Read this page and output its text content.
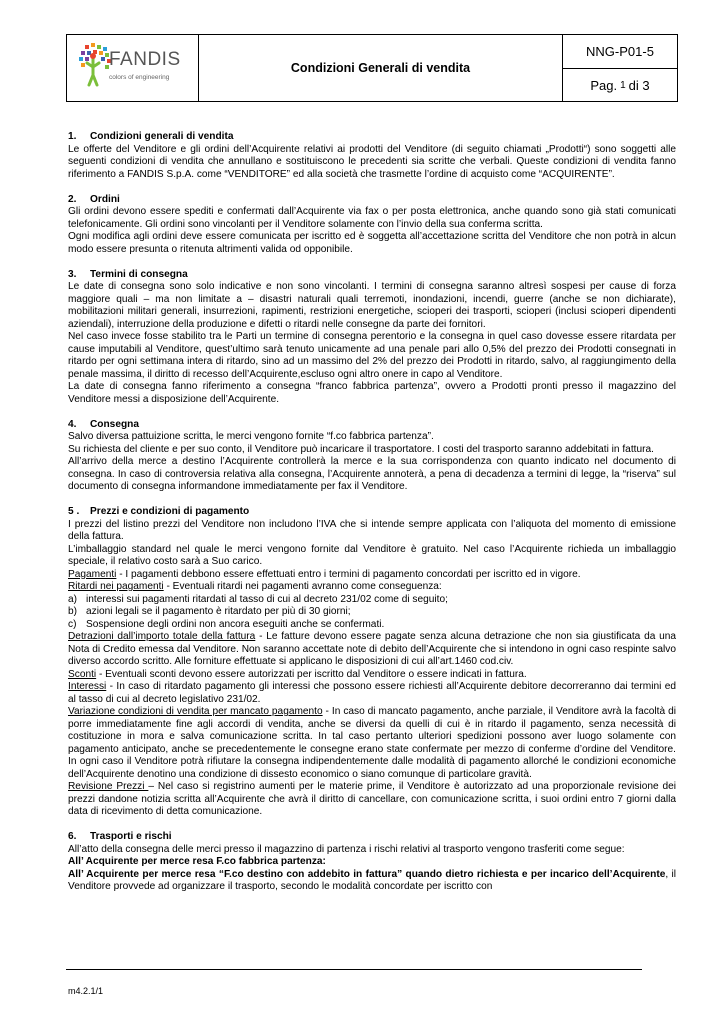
FANDIS
colors of engineering
Condizioni Generali di vendita
NNG-P01-5
Pag. 1 di 3
1. Condizioni generali di vendita

Le offerte del Venditore e gli ordini dell’Acquirente relativi ai prodotti del Venditore (di seguito chiamati „Prodotti“) sono soggetti alle seguenti condizioni di vendita che annullano e sostituiscono le precedenti sia scritte che verbali. Queste condizioni di vendita fanno riferimento a FANDIS S.p.A. come “VENDITORE” ed alla società che trasmette l’ordine di acquisto come “ACQUIRENTE”.

2. Ordini

Gli ordini devono essere spediti e confermati dall’Acquirente via fax o per posta elettronica, anche quando sono già stati comunicati telefonicamente. Gli ordini sono vincolanti per il Venditore solamente con l’invio della sua conferma scritta.

Ogni modifica agli ordini deve essere comunicata per iscritto ed è soggetta all’accettazione scritta del Venditore che non potrà in alcun modo essere presunta o ritenuta altrimenti valida od opponibile.

3. Termini di consegna

Le date di consegna sono solo indicative e non sono vincolanti. I termini di consegna saranno altresì sospesi per cause di forza maggiore quali – ma non limitate a – disastri naturali quali terremoti, inondazioni, incendi, guerre (anche se non dichiarate), mobilitazioni militari generali, insurrezioni, rapimenti, restrizioni energetiche, scioperi dei trasporti, scioperi (inclusi scioperi dipendenti aziendali), interruzione della produzione e difetti o ritardi nelle consegne da parte dei fornitori.

Nel caso invece fosse stabilito tra le Parti un termine di consegna perentorio e la consegna in quel caso dovesse essere ritardata per cause imputabili al Venditore, quest’ultimo sarà tenuto unicamente ad una penale pari allo 0,5% del prezzo dei Prodotti consegnati in ritardo per ogni settimana intera di ritardo, sino ad un massimo del 2% del prezzo dei Prodotti in ritardo, salvo, al raggiungimento della penale massima, il diritto di recesso dell’Acquirente,escluso ogni altro onere in capo al Venditore.

La date di consegna fanno riferimento a consegna “franco fabbrica partenza”, ovvero a Prodotti pronti presso il magazzino del Venditore messi a disposizione dell’Acquirente.

4. Consegna

Salvo diversa pattuizione scritta, le merci vengono fornite “f.co fabbrica partenza”.

Su richiesta del cliente e per suo conto, il Venditore può incaricare il trasportatore. I costi del trasporto saranno addebitati in fattura.

All’arrivo della merce a destino l’Acquirente controllerà la merce e la sua corrispondenza con quanto indicato nel documento di consegna. In caso di controversia relativa alla consegna, l’Acquirente annoterà, a pena di decadenza a termini di legge, la “riserva” sul documento di consegna informandone immediatamente per fax il Venditore.

5 . Prezzi e condizioni di pagamento

I prezzi del listino prezzi del Venditore non includono l’IVA che si intende sempre applicata con l’aliquota del momento di emissione della fattura.

L’imballaggio standard nel quale le merci vengono fornite dal Venditore è gratuito. Nel caso l’Acquirente richieda un imballaggio speciale, il relativo costo sarà a Suo carico.

Pagamenti - I pagamenti debbono essere effettuati entro i termini di pagamento concordati per iscritto ed in vigore.

Ritardi nei pagamenti - Eventuali ritardi nei pagamenti avranno come conseguenza:

a) interessi sui pagamenti ritardati al tasso di cui al decreto 231/02 come di seguito;
b) azioni legali se il pagamento è ritardato per più di 30 giorni;
c) Sospensione degli ordini non ancora eseguiti anche se confermati.

Detrazioni dall’importo totale della fattura - Le fatture devono essere pagate senza alcuna detrazione che non sia giustificata da una Nota di Credito emessa dal Venditore. Non saranno accettate note di debito dell’Acquirente che si intendono in ogni caso respinte salvo diverso accordo scritto. Alle forniture effettuate si applicano le disposizioni di cui all’art.1460 cod.civ.

Sconti - Eventuali sconti devono essere autorizzati per iscritto dal Venditore o essere indicati in fattura.

Interessi - In caso di ritardato pagamento gli interessi che possono essere richiesti all’Acquirente debitore decorreranno dai termini ed al tasso di cui al decreto legislativo 231/02.

Variazione condizioni di vendita per mancato pagamento - In caso di mancato pagamento, anche parziale, il Venditore avrà la facoltà di porre immediatamente fine agli accordi di vendita, anche se diversi da quelli di cui è in ritardo il pagamento, senza necessità di costituzione in mora e salva comunicazione scritta. In tal caso pertanto ulteriori spedizioni possono aver luogo solamente con pagamento anticipato, anche se precedentemente le consegne erano state confermate per mezzo di conferme d’ordine del Venditore. In ogni caso il Venditore potrà rifiutare la consegna indipendentemente dalle modalità di pagamento allorché le condizioni economiche dell’Acquirente denotino una condizione di dissesto economico o siano comunque di particolare gravità.

Revisione Prezzi – Nel caso si registrino aumenti per le materie prime, il Venditore è autorizzato ad una proporzionale revisione dei prezzi dandone notizia scritta all’Acquirente che avrà il diritto di cancellare, con comunicazione scritta, i suoi ordini entro 7 giorni dalla data di ricevimento di detta comunicazione.

6. Trasporti e rischi

All’atto della consegna delle merci presso il magazzino di partenza i rischi relativi al trasporto vengono trasferiti come segue:

All’ Acquirente per merce resa F.co fabbrica partenza:

All’ Acquirente per merce resa “F.co destino con addebito in fattura” quando dietro richiesta e per incarico dell’Acquirente, il Venditore provvede ad organizzare il trasporto, secondo le modalità concordate per iscritto con

m4.2.1/1
